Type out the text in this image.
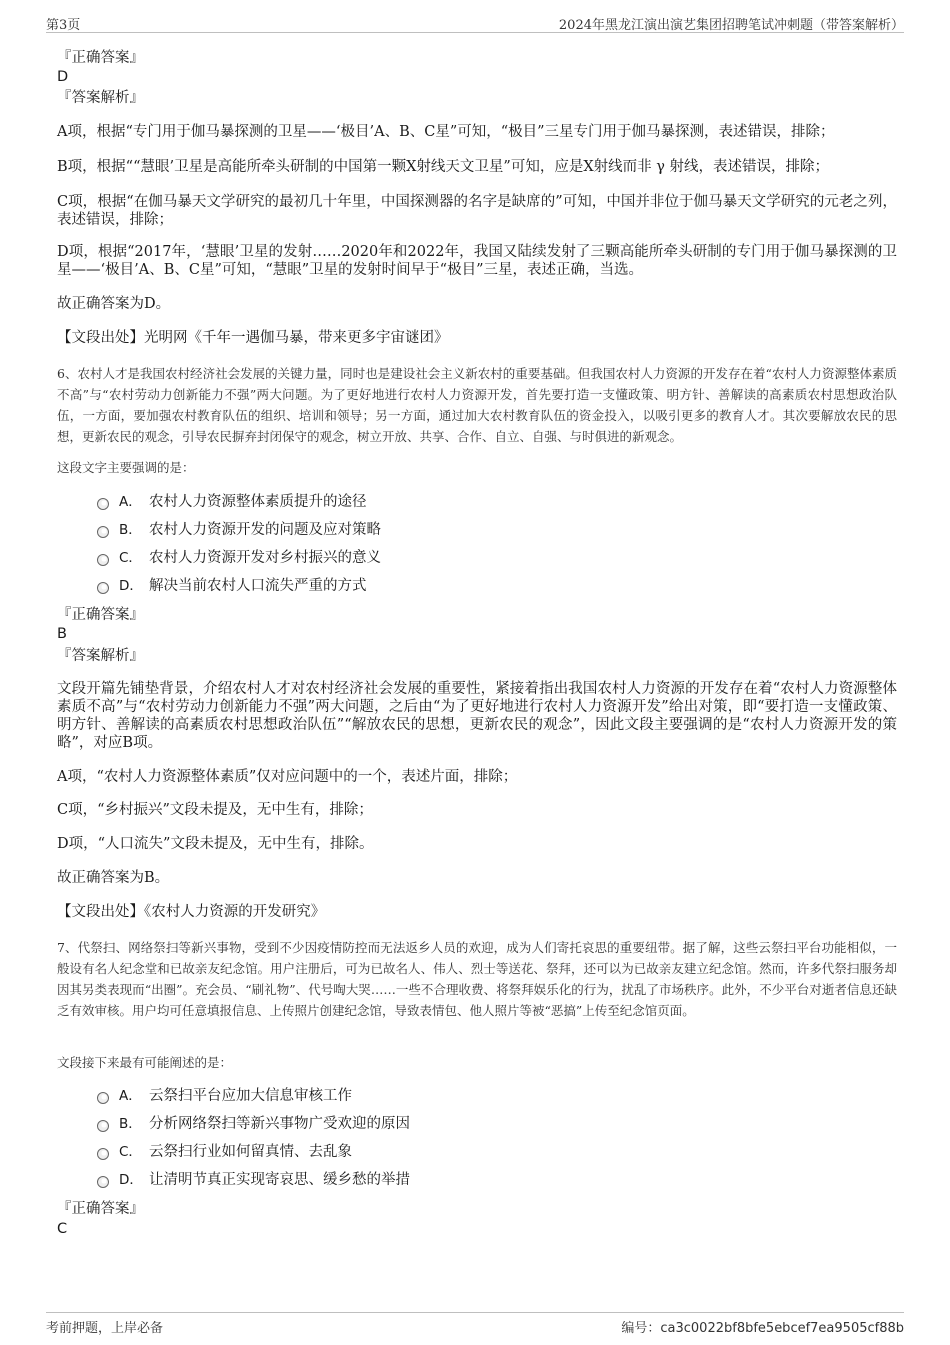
第3页	2024年黑龙江演出演艺集团招聘笔试冲刺题（带答案解析）
『正确答案』
D
『答案解析』
A项，根据“专门用于伽马暴探测的卫星——‘极目’A、B、C星”可知，“极目”三星专门用于伽马暴探测，表述错误，排除；
B项，根据““慧眼’卫星是高能所牵头研制的中国第一颗X射线天文卫星”可知，应是X射线而非 γ 射线，表述错误，排除；
C项，根据“在伽马暴天文学研究的最初几十年里，中国探测器的名字是缺席的”可知，中国并非位于伽马暴天文学研究的元老之列，表述错误，排除；
D项，根据“2017年，‘慧眼’卫星的发射……2020年和2022年，我国又陆续发射了三颗高能所牵头研制的专门用于伽马暴探测的卫星——‘极目’A、B、C星”可知，“慧眼”卫星的发射时间早于“极目”三星，表述正确，当选。
故正确答案为D。
【文段出处】光明网《千年一遇伽马暴，带来更多宇宙谜团》
6、农村人才是我国农村经济社会发展的关键力量，同时也是建设社会主义新农村的重要基础。但我国农村人力资源的开发存在着“农村人力资源整体素质不高”与“农村劳动力创新能力不强”两大问题。为了更好地进行农村人力资源开发，首先要打造一支懂政策、明方针、善解读的高素质农村思想政治队伍，一方面，要加强农村教育队伍的组织、培训和领导；另一方面，通过加大农村教育队伍的资金投入，以吸引更多的教育人才。其次要解放农民的思想，更新农民的观念，引导农民摒弃封闭保守的观念，树立开放、共享、合作、自立、自强、与时俱进的新观念。
这段文字主要强调的是：
A． 农村人力资源整体素质提升的途径
B． 农村人力资源开发的问题及应对策略
C． 农村人力资源开发对乡村振兴的意义
D． 解决当前农村人口流失严重的方式
『正确答案』
B
『答案解析』
文段开篇先铺垫背景，介绍农村人才对农村经济社会发展的重要性，紧接着指出我国农村人力资源的开发存在着“农村人力资源整体素质不高”与“农村劳动力创新能力不强”两大问题，之后由“为了更好地进行农村人力资源开发”给出对策，即“要打造一支懂政策、明方针、善解读的高素质农村思想政治队伍”“解放农民的思想，更新农民的观念”，因此文段主要强调的是“农村人力资源开发的策略”，对应B项。
A项，“农村人力资源整体素质”仅对应问题中的一个，表述片面，排除；
C项，“乡村振兴”文段未提及，无中生有，排除；
D项，“人口流失”文段未提及，无中生有，排除。
故正确答案为B。
【文段出处】《农村人力资源的开发研究》
7、代祭扫、网络祭扫等新兴事物，受到不少因疫情防控而无法返乡人员的欢迎，成为人们寄托哀思的重要纽带。据了解，这些云祭扫平台功能相似，一般设有名人纪念堂和已故亲友纪念馆。用户注册后，可为已故名人、伟人、烈士等送花、祭拜，还可以为已故亲友建立纪念馆。然而，许多代祭扫服务却因其另类表现而“出圈”。充会员、“刷礼物”、代号啕大哭……一些不合理收费、将祭拜娱乐化的行为，扰乱了市场秩序。此外，不少平台对逝者信息还缺乏有效审核。用户均可任意填报信息、上传照片创建纪念馆，导致表情包、他人照片等被“恶搞”上传至纪念馆页面。
文段接下来最有可能阐述的是：
A． 云祭扫平台应加大信息审核工作
B． 分析网络祭扫等新兴事物广受欢迎的原因
C． 云祭扫行业如何留真情、去乱象
D． 让清明节真正实现寄哀思、缓乡愁的举措
『正确答案』
C
考前押题，上岸必备	编号：ca3c0022bf8bfe5ebcef7ea9505cf88b
